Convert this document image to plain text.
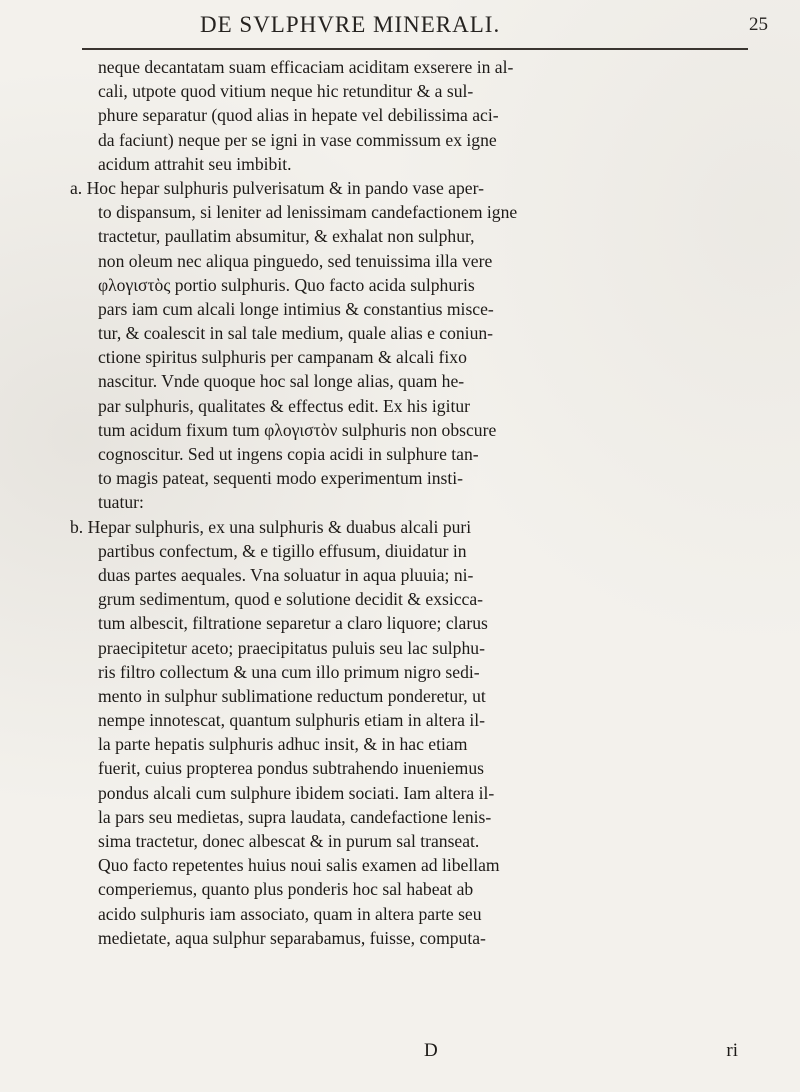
DE SVLPHVRE MINERALI.	25

neque decantatam suam efficaciam aciditam exserere in al-
cali, utpote quod vitium neque hic retunditur & a sul-
phure separatur (quod alias in hepate vel debilissima aci-
da faciunt) neque per se igni in vase commissum ex igne
acidum attrahit seu imbibit.

a. Hoc hepar sulphuris pulverisatum & in pando vase aper-
to dispansum, si leniter ad lenissimam candefactionem igne
tractetur, paullatim absumitur, & exhalat non sulphur,
non oleum nec aliqua pinguedo, sed tenuissima illa vere
φλογιστὸς portio sulphuris. Quo facto acida sulphuris
pars iam cum alcali longe intimius & constantius misce-
tur, & coalescit in sal tale medium, quale alias e coniun-
ctione spiritus sulphuris per campanam & alcali fixo
nascitur. Vnde quoque hoc sal longe alias, quam he-
par sulphuris, qualitates & effectus edit. Ex his igitur
tum acidum fixum tum φλογιστὸν sulphuris non obscure
cognoscitur. Sed ut ingens copia acidi in sulphure tan-
to magis pateat, sequenti modo experimentum insti-
tuatur:

b. Hepar sulphuris, ex una sulphuris & duabus alcali puri
partibus confectum, & e tigillo effusum, diuidatur in
duas partes aequales. Vna soluatur in aqua pluuia; ni-
grum sedimentum, quod e solutione decidit & exsicca-
tum albescit, filtratione separetur a claro liquore; clarus
praecipitetur aceto; praecipitatus puluis seu lac sulphu-
ris filtro collectum & una cum illo primum nigro sedi-
mento in sulphur sublimatione reductum ponderetur, ut
nempe innotescat, quantum sulphuris etiam in altera il-
la parte hepatis sulphuris adhuc insit, & in hac etiam
fuerit, cuius propterea pondus subtrahendo inueniemus
pondus alcali cum sulphure ibidem sociati. Iam altera il-
la pars seu medietas, supra laudata, candefactione lenis-
sima tractetur, donec albescat & in purum sal transeat.
Quo facto repetentes huius noui salis examen ad libellam
comperiemus, quanto plus ponderis hoc sal habeat ab
acido sulphuris iam associato, quam in altera parte seu
medietate, aqua sulphur separabamus, fuisse, computa-

D	ri
